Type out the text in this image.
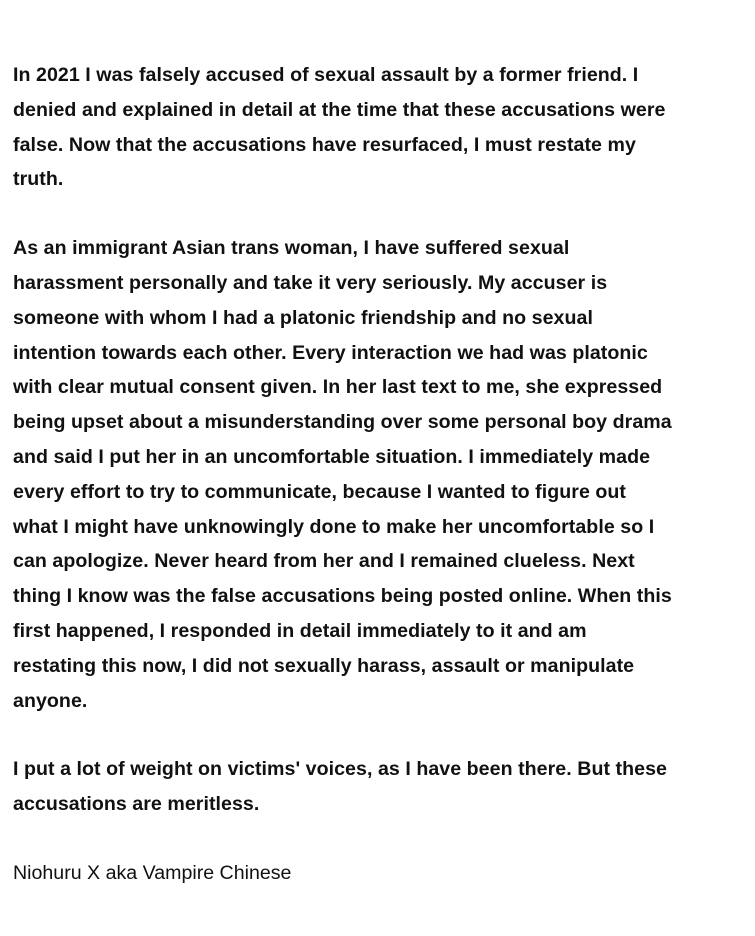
In 2021 I was falsely accused of sexual assault by a former friend. I
denied and explained in detail at the time that these accusations were
false. Now that the accusations have resurfaced, I must restate my
truth.
As an immigrant Asian trans woman, I have suffered sexual
harassment personally and take it very seriously. My accuser is
someone with whom I had a platonic friendship and no sexual
intention towards each other. Every interaction we had was platonic
with clear mutual consent given. In her last text to me, she expressed
being upset about a misunderstanding over some personal boy drama
and said I put her in an uncomfortable situation. I immediately made
every effort to try to communicate, because I wanted to figure out
what I might have unknowingly done to make her uncomfortable so I
can apologize. Never heard from her and I remained clueless. Next
thing I know was the false accusations being posted online. When this
first happened, I responded in detail immediately to it and am
restating this now, I did not sexually harass, assault or manipulate
anyone.
I put a lot of weight on victims' voices, as I have been there. But these
accusations are meritless.

Niohuru X aka Vampire Chinese
